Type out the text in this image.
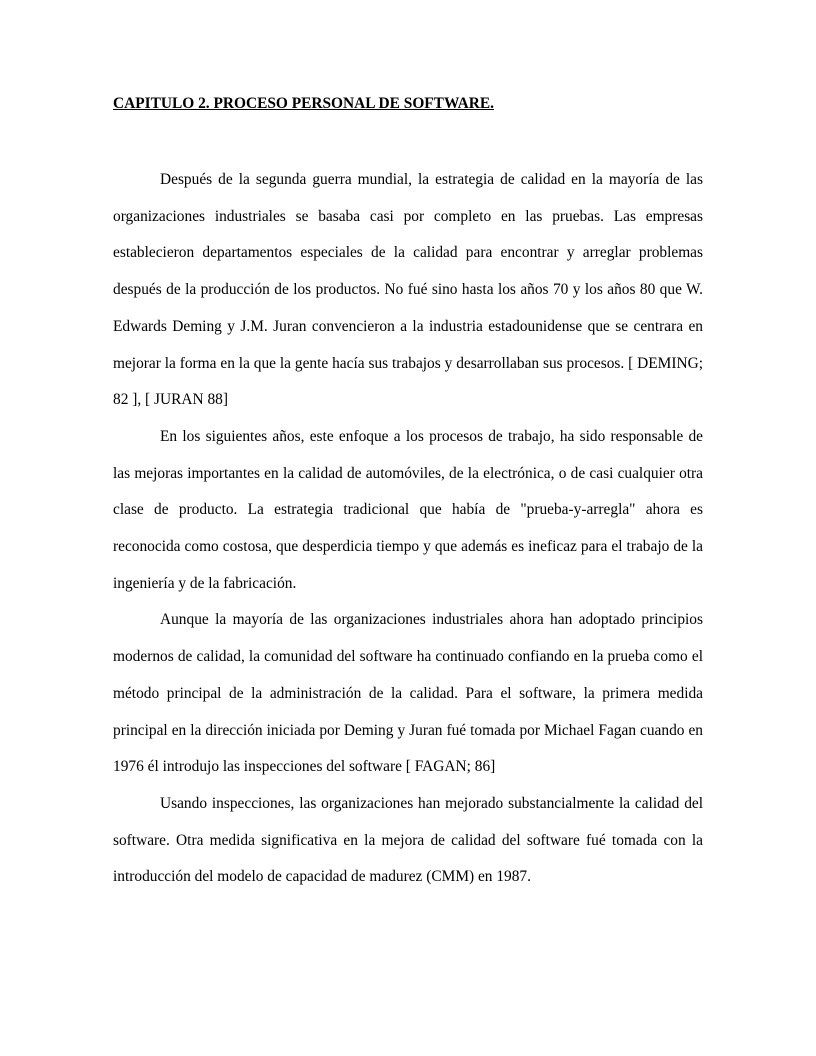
CAPITULO 2. PROCESO PERSONAL DE SOFTWARE.

Después de la segunda guerra mundial, la estrategia de calidad en la mayoría de las organizaciones industriales se basaba casi por completo en las pruebas. Las empresas establecieron departamentos especiales de la calidad para encontrar y arreglar problemas después de la producción de los productos. No fué sino hasta los años 70 y los años 80 que W. Edwards Deming y J.M. Juran convencieron a la industria estadounidense que se centrara en mejorar la forma en la que la gente hacía sus trabajos y desarrollaban sus procesos. [ DEMING; 82 ], [ JURAN 88]

En los siguientes años, este enfoque a los procesos de trabajo, ha sido responsable de las mejoras importantes en la calidad de automóviles, de la electrónica, o de casi cualquier otra clase de producto. La estrategia tradicional que había de "prueba-y-arregla" ahora es reconocida como costosa, que desperdicia tiempo y que además es ineficaz para el trabajo de la ingeniería y de la fabricación.

Aunque la mayoría de las organizaciones industriales ahora han adoptado principios modernos de calidad, la comunidad del software ha continuado confiando en la prueba como el método principal de la administración de la calidad. Para el software, la primera medida principal en la dirección iniciada por Deming y Juran fué tomada por Michael Fagan cuando en 1976 él introdujo las inspecciones del software [ FAGAN; 86]

Usando inspecciones, las organizaciones han mejorado substancialmente la calidad del software. Otra medida significativa en la mejora de calidad del software fué tomada con la introducción del modelo de capacidad de madurez (CMM) en 1987.
